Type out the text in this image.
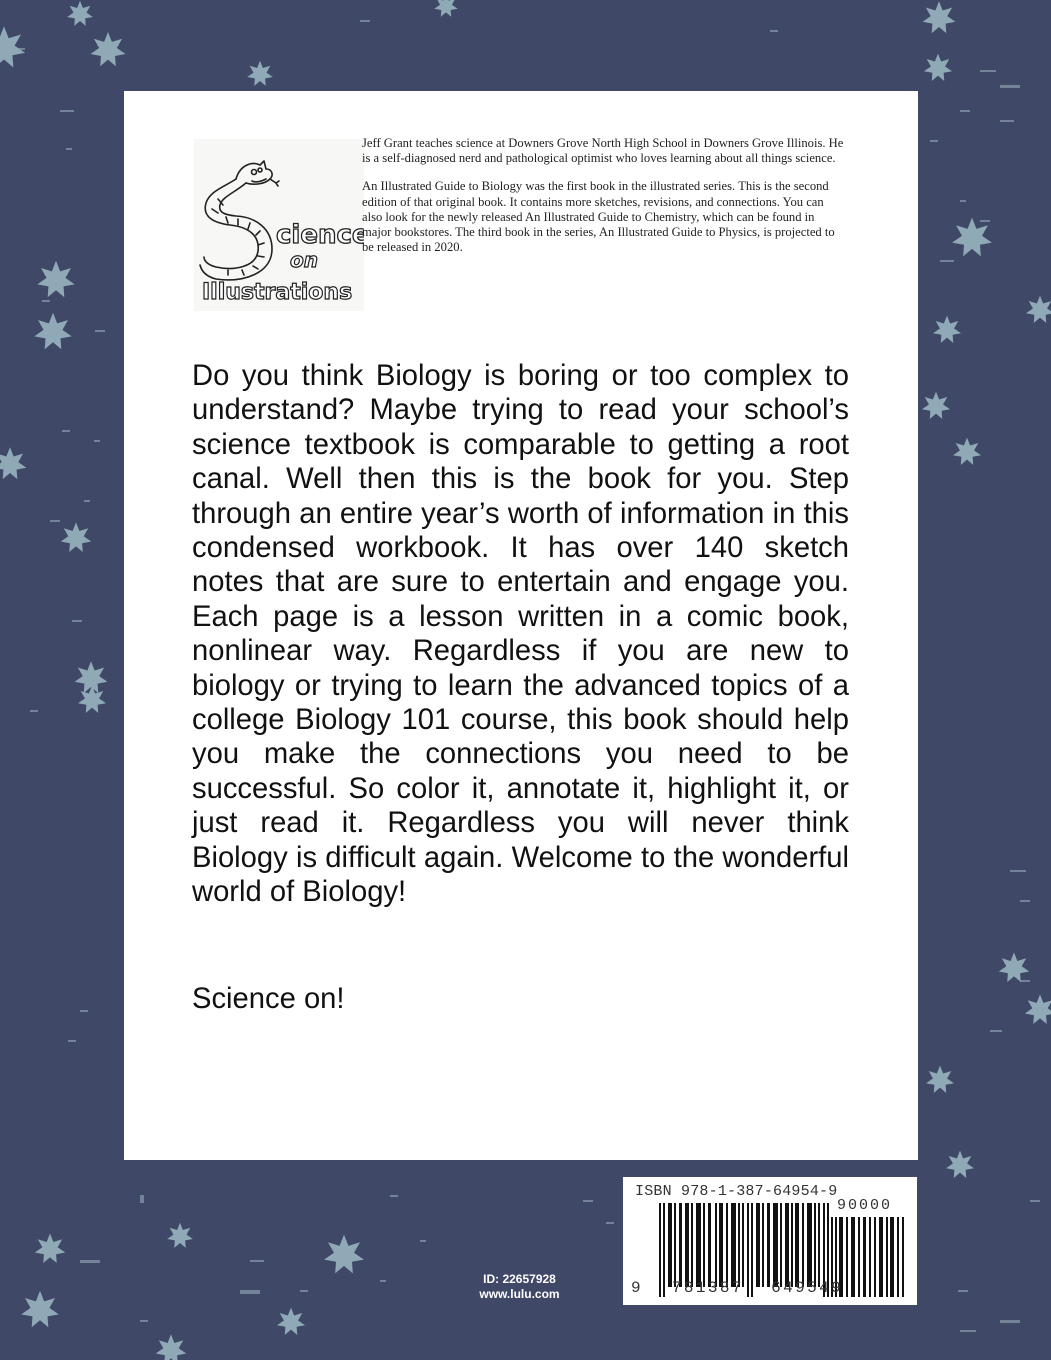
cience
on
Illustrations

Jeff Grant teaches science at Downers Grove North High School in Downers Grove Illinois. He is a self-diagnosed nerd and pathological optimist who loves learning about all things science.

An Illustrated Guide to Biology was the first book in the illustrated series. This is the second edition of that original book. It contains more sketches, revisions, and connections. You can also look for the newly released An Illustrated Guide to Chemistry, which can be found in major bookstores. The third book in the series, An Illustrated Guide to Physics, is projected to be released in 2020.

Do you think Biology is boring or too complex to understand? Maybe trying to read your school’s science textbook is comparable to getting a root canal. Well then this is the book for you. Step through an entire year’s worth of information in this condensed workbook. It has over 140 sketch notes that are sure to entertain and engage you. Each page is a lesson written in a comic book, nonlinear way. Regardless if you are new to biology or trying to learn the advanced topics of a college Biology 101 course, this book should help you make the connections you need to be successful. So color it, annotate it, highlight it, or just read it. Regardless you will never think Biology is difficult again. Welcome to the wonderful world of Biology!

Science on!
ID: 22657928
www.lulu.com
ISBN 978-1-387-64954-9
90000
9 781387 649549
